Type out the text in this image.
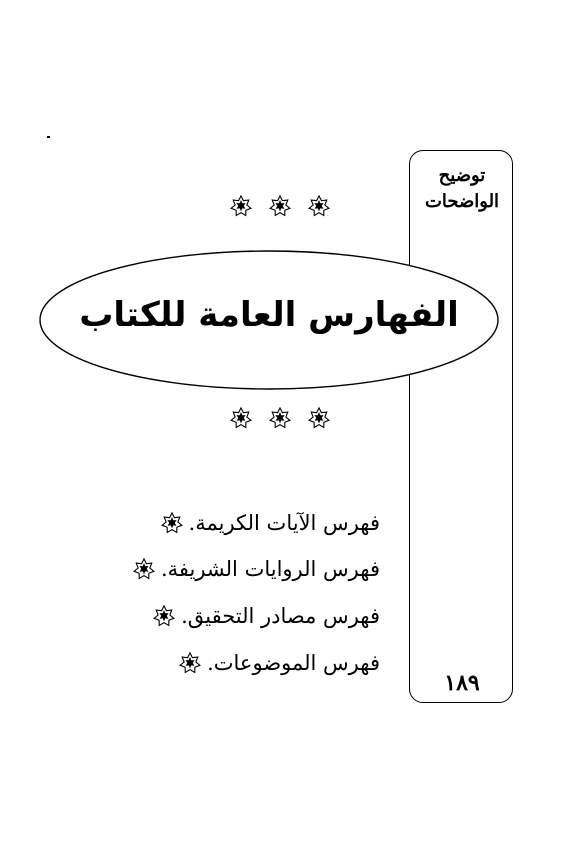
توضيح
الواضحات
١٨٩
الفهارس العامة للكتاب
فهرس الآيات الكريمة.
فهرس الروايات الشريفة.
فهرس مصادر التحقيق.
فهرس الموضوعات.
